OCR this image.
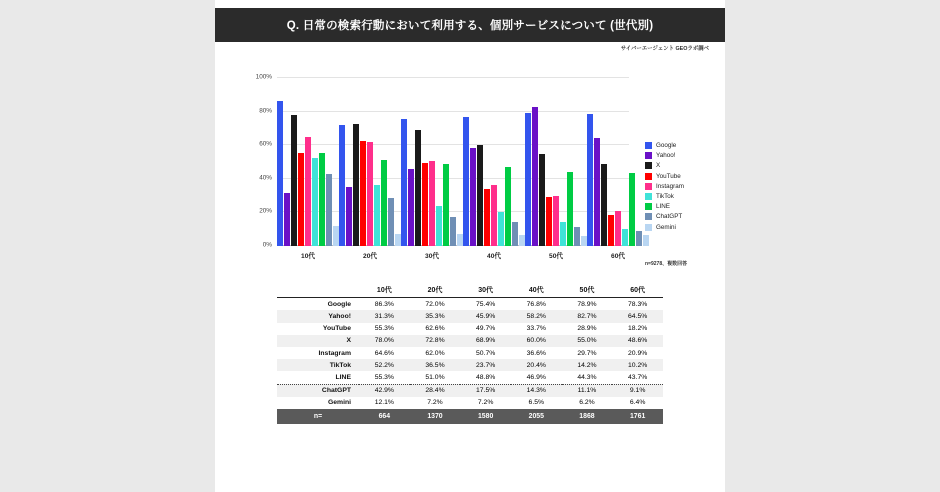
Q. 日常の検索行動において利用する、個別サービスについて (世代別)
サイバーエージェント GEOラボ調べ
0%
20%
40%
60%
80%
100%
10代	20代	30代	40代	50代	60代
Google
Yahoo!
X
YouTube
Instagram
TikTok
LINE
ChatGPT
Gemini
n=9278、複数回答
	10代	20代	30代	40代	50代	60代
Google	86.3%	72.0%	75.4%	76.8%	78.9%	78.3%
Yahoo!	31.3%	35.3%	45.9%	58.2%	82.7%	64.5%
YouTube	55.3%	62.6%	49.7%	33.7%	28.9%	18.2%
X	78.0%	72.8%	68.9%	60.0%	55.0%	48.6%
Instagram	64.6%	62.0%	50.7%	36.6%	29.7%	20.9%
TikTok	52.2%	36.5%	23.7%	20.4%	14.2%	10.2%
LINE	55.3%	51.0%	48.8%	46.9%	44.3%	43.7%
ChatGPT	42.9%	28.4%	17.5%	14.3%	11.1%	9.1%
Gemini	12.1%	7.2%	7.2%	6.5%	6.2%	6.4%
n=	664	1370	1580	2055	1868	1761
